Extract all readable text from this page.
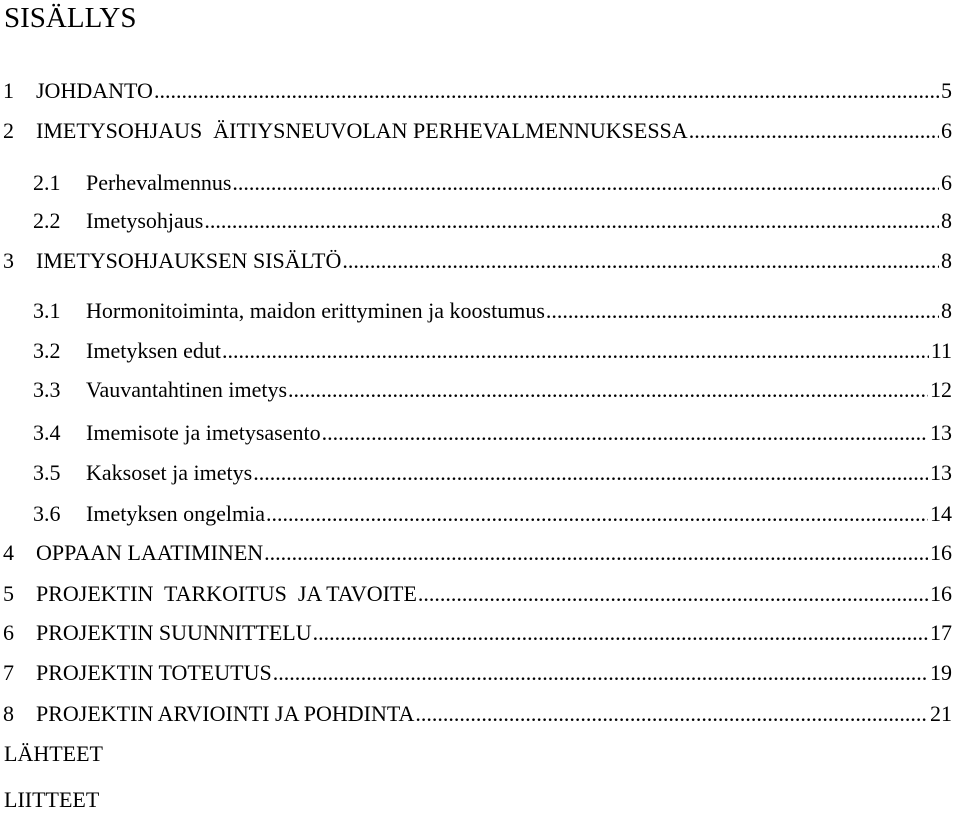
SISÄLLYS
1	JOHDANTO .....	5
2	IMETYSOHJAUS  ÄITIYSNEUVOLAN PERHEVALMENNUKSESSA .....	6
2.1	Perhevalmennus .....	6
2.2	Imetysohjaus .....	8
3	IMETYSOHJAUKSEN SISÄLTÖ .....	8
3.1	Hormonitoiminta, maidon erittyminen ja koostumus .....	8
3.2	Imetyksen edut .....	11
3.3	Vauvantahtinen imetys .....	12
3.4	Imemisote ja imetysasento .....	13
3.5	Kaksoset ja imetys .....	13
3.6	Imetyksen ongelmia .....	14
4	OPPAAN LAATIMINEN .....	16
5	PROJEKTIN  TARKOITUS  JA TAVOITE .....	16
6	PROJEKTIN SUUNNITTELU .....	17
7	PROJEKTIN TOTEUTUS .....	19
8	PROJEKTIN ARVIOINTI JA POHDINTA .....	21
LÄHTEET
LIITTEET
